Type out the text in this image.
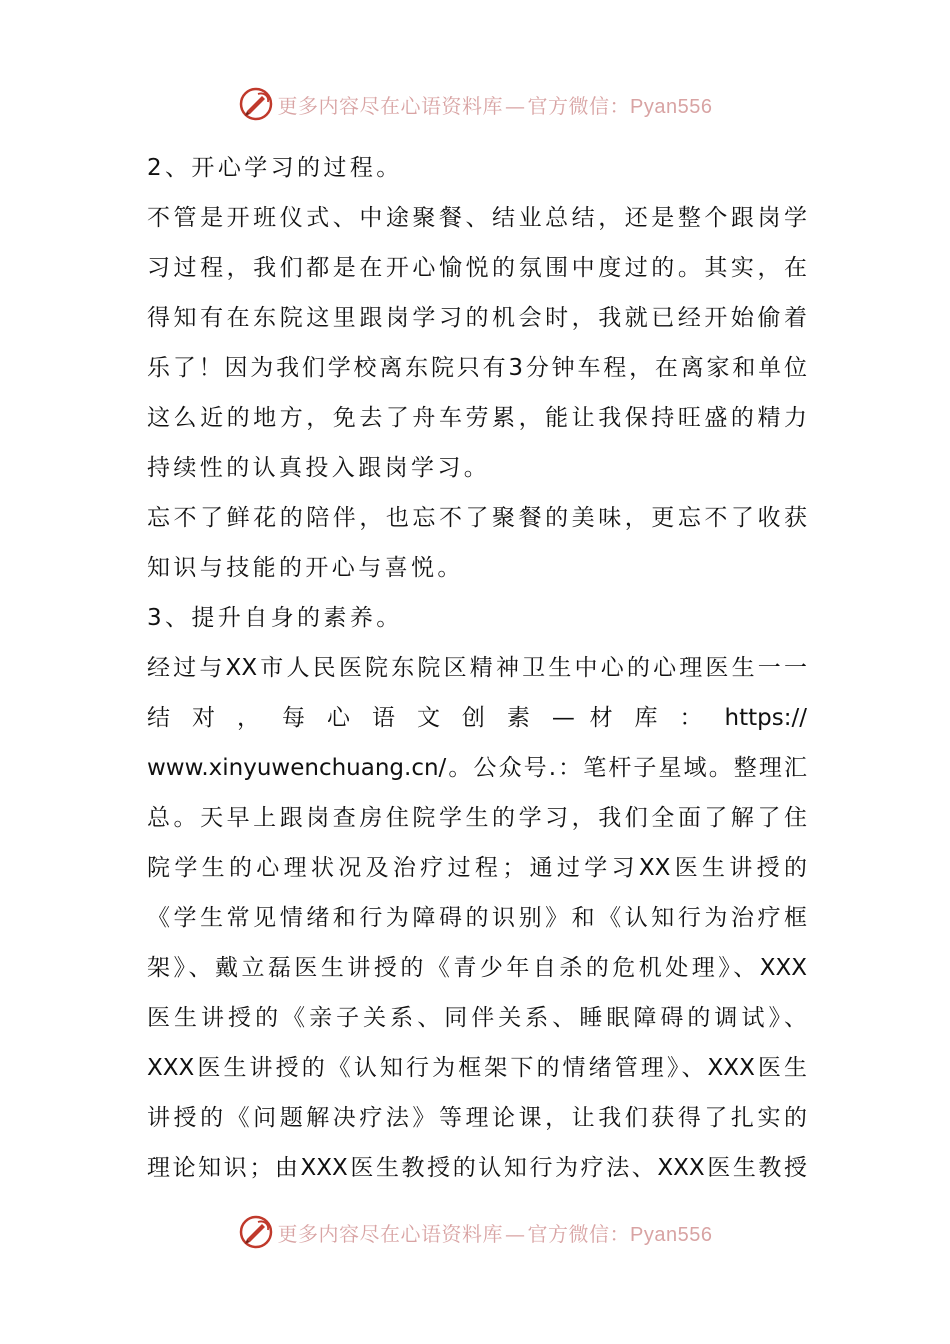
更多内容尽在心语资料库 — 官方微信：Pyan556
2、开心学习的过程。
不管是开班仪式、中途聚餐、结业总结，还是整个跟岗学
习过程，我们都是在开心愉悦的氛围中度过的。其实，在
得知有在东院这里跟岗学习的机会时，我就已经开始偷着
乐了！因为我们学校离东院只有3分钟车程，在离家和单位
这么近的地方，免去了舟车劳累，能让我保持旺盛的精力
持续性的认真投入跟岗学习。
忘不了鲜花的陪伴，也忘不了聚餐的美味，更忘不了收获
知识与技能的开心与喜悦。
3、提升自身的素养。
经过与XX市人民医院东院区精神卫生中心的心理医生一一
结 对 ， 每 心 语 文 创 素 — 材 库 ： https://
www.xinyuwenchuang.cn/。公众号.：笔杆子星域。整理汇
总。天早上跟岗查房住院学生的学习，我们全面了解了住
院学生的心理状况及治疗过程；通过学习XX医生讲授的
《学生常见情绪和行为障碍的识别》和《认知行为治疗框
架》、戴立磊医生讲授的《青少年自杀的危机处理》、XXX
医生讲授的《亲子关系、同伴关系、睡眠障碍的调试》、
XXX医生讲授的《认知行为框架下的情绪管理》、XXX医生
讲授的《问题解决疗法》等理论课，让我们获得了扎实的
理论知识；由XXX医生教授的认知行为疗法、XXX医生教授
更多内容尽在心语资料库 — 官方微信：Pyan556
